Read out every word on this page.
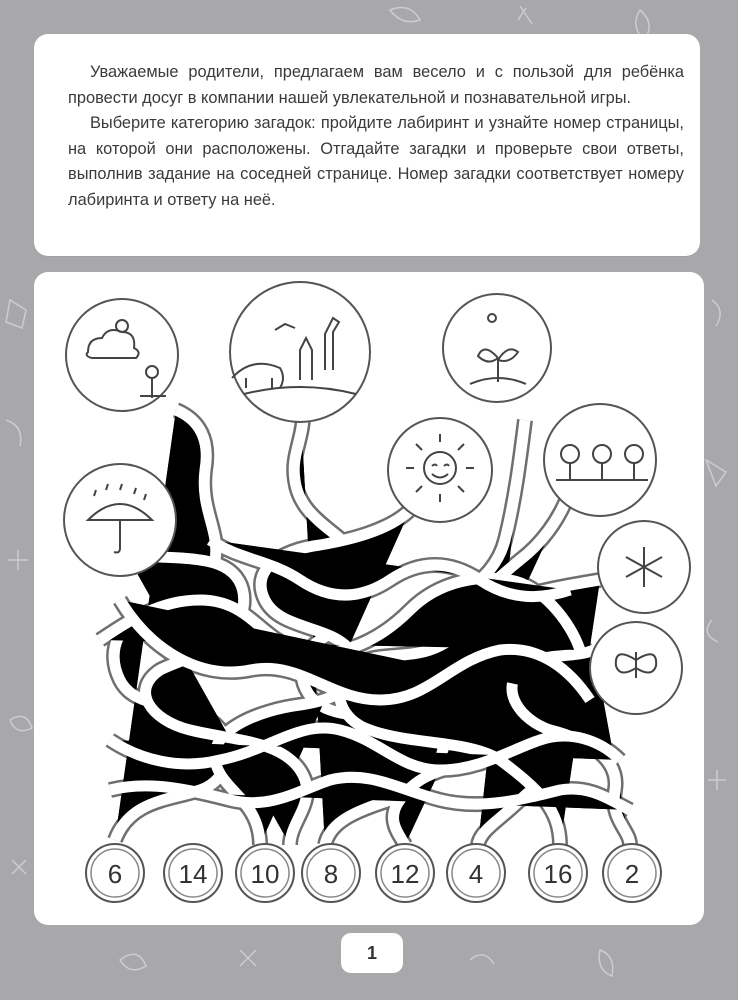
Уважаемые родители, предлагаем вам весело и с пользой для ребёнка провести досуг в компании нашей увлекательной и познавательной игры.

Выберите категорию загадок: пройдите лабиринт и узнайте номер страницы, на которой они расположены. Отгадайте загадки и проверьте свои ответы, выполнив задание на соседней странице. Номер загадки соответствует номеру лабиринта и ответу на неё.

6 14 10 8 12 4 16 2
1
